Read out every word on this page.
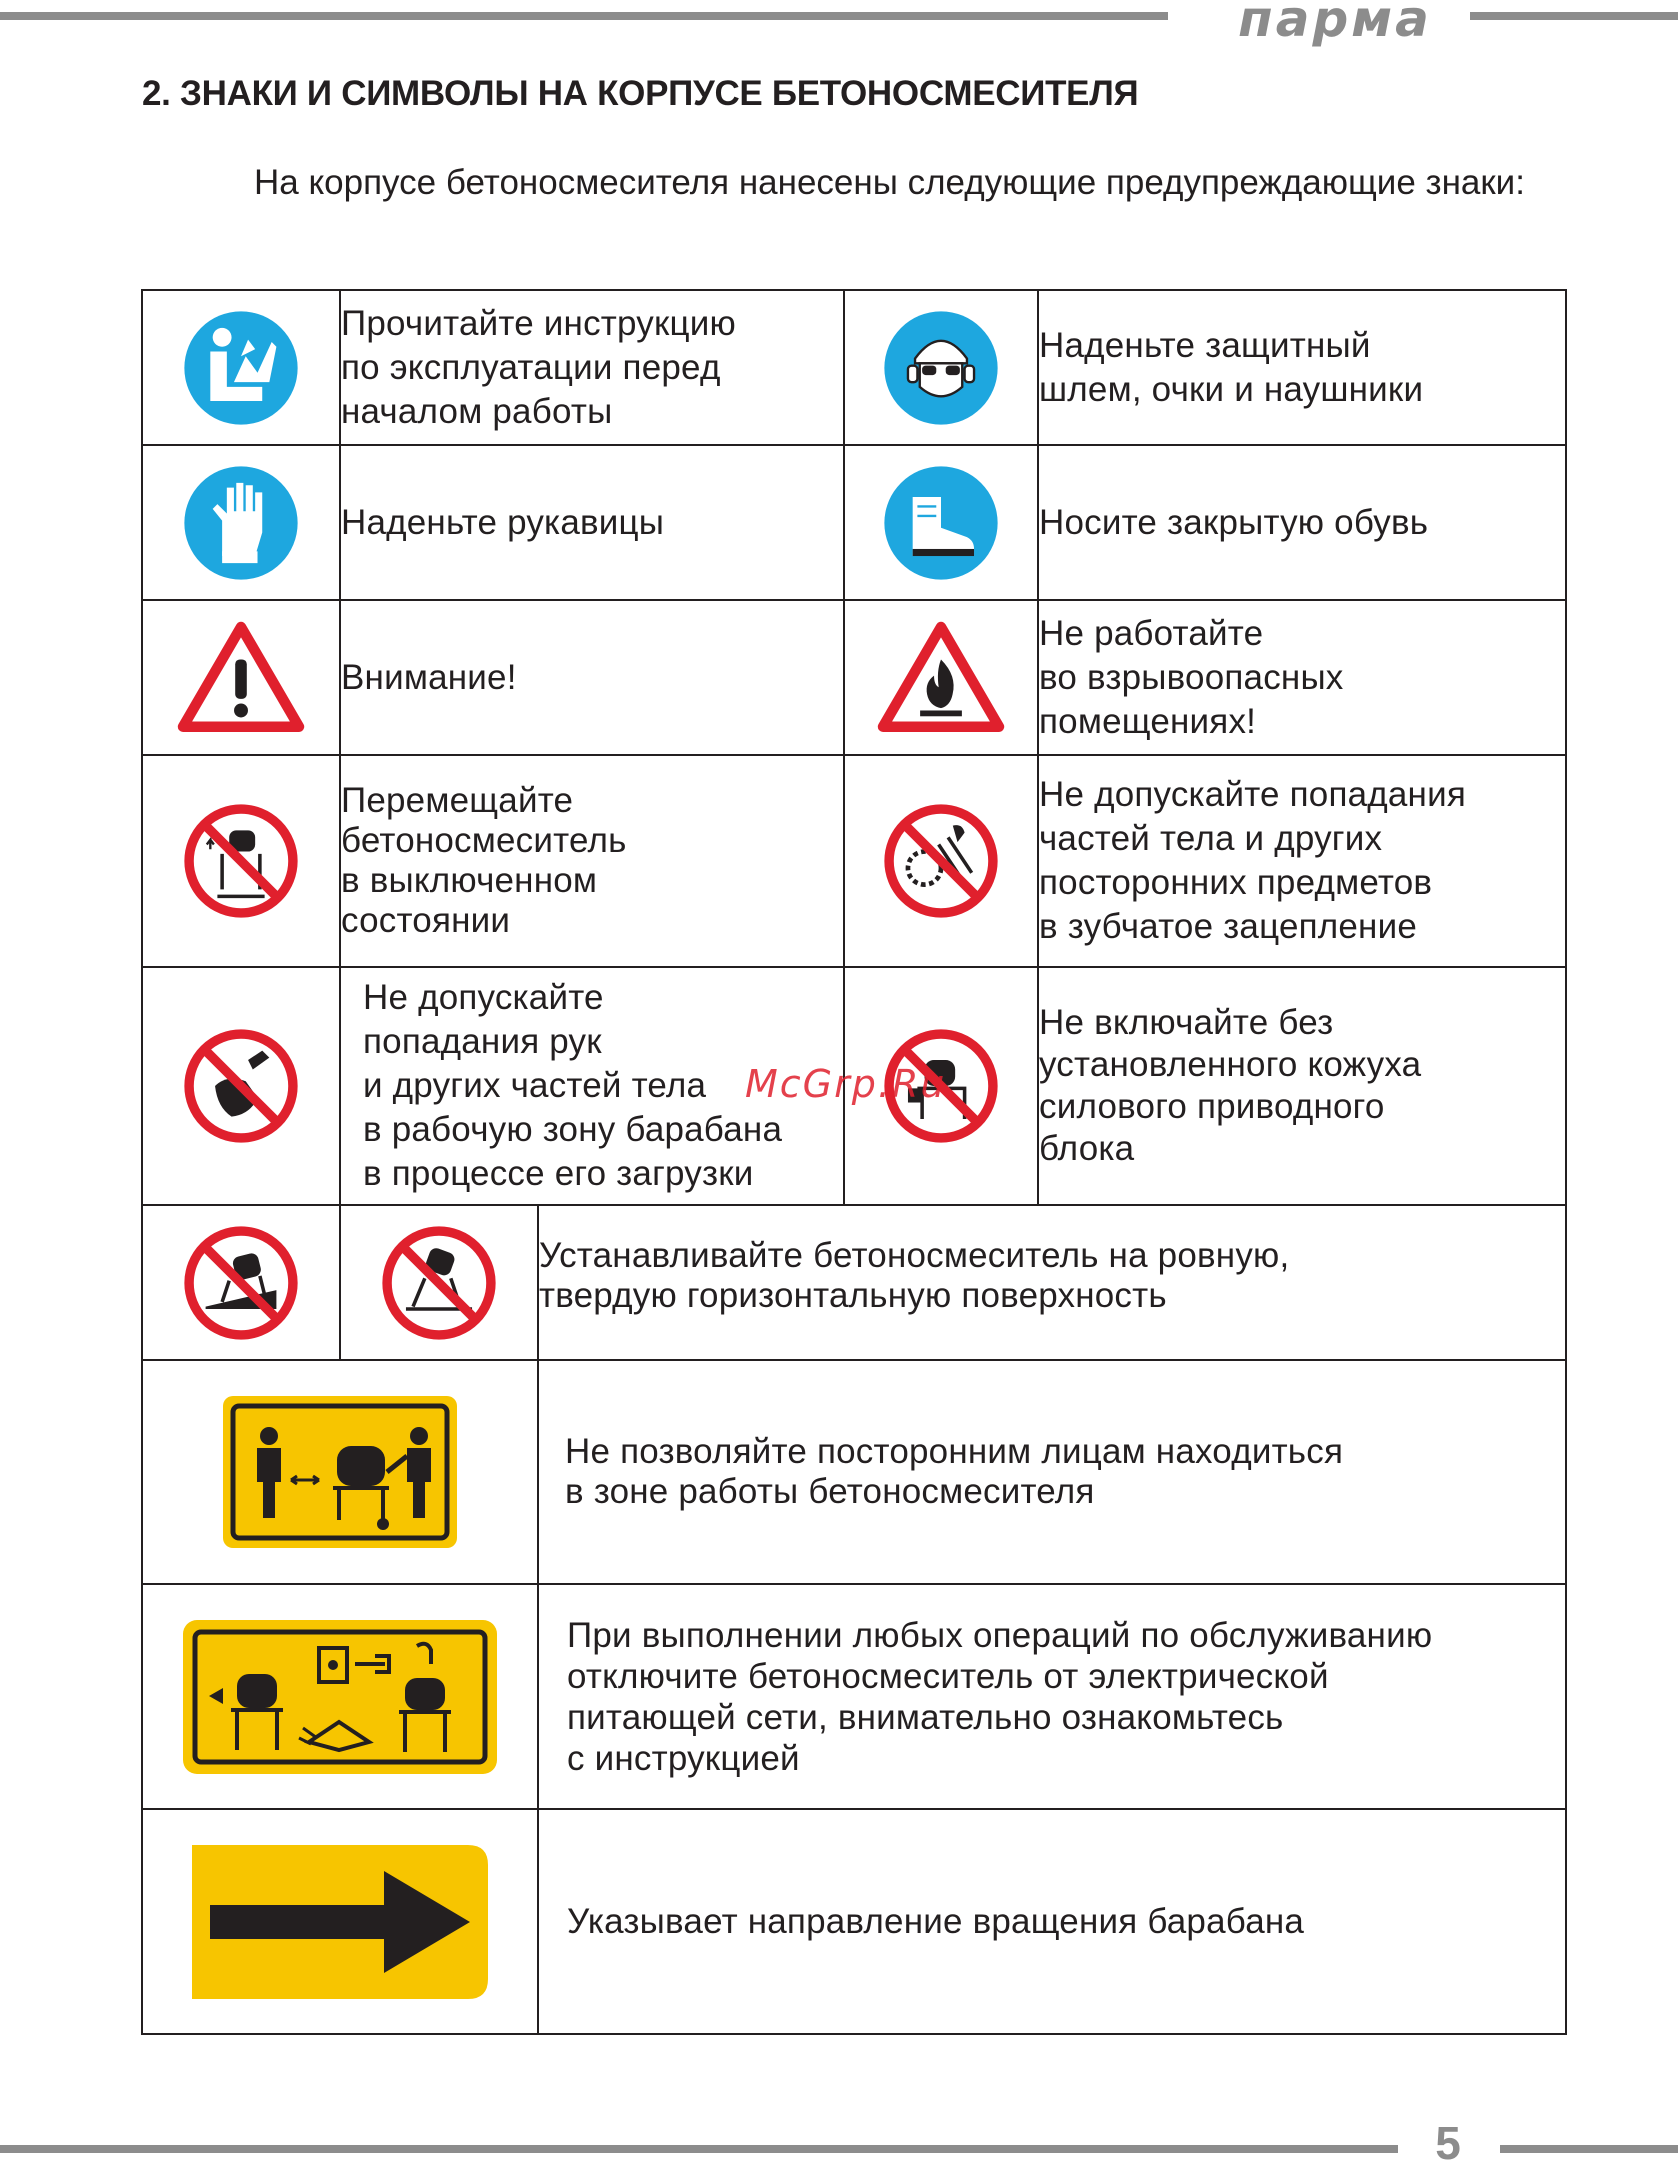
парма
2. ЗНАКИ И СИМВОЛЫ НА КОРПУСЕ БЕТОНОСМЕСИТЕЛЯ
На корпусе бетоносмесителя нанесены следующие предупреждающие знаки:

Прочитайте инструкцию
по эксплуатации перед
началом работы			Наденьте защитный
шлем, очки и наушники

Наденьте рукавицы			Носите закрытую обувь

Внимание!			Не работайте
во взрывоопасных
помещениях!

Перемещайте
бетоносмеситель
в выключенном
состоянии			Не допускайте попадания
частей тела и других
посторонних предметов
в зубчатое зацепление

Не допускайте
попадания рук
и других частей тела
в рабочую зону барабана
в процессе его загрузки			Не включайте без
установленного кожуха
силового приводного
блока

Устанавливайте бетоносмеситель на ровную,
твердую горизонтальную поверхность		

Не позволяйте посторонним лицам находиться
в зоне работы бетоносмесителя		

При выполнении любых операций по обслуживанию
отключите бетоносмеситель от электрической
питающей сети, внимательно ознакомьтесь
с инструкцией		

Указывает направление вращения барабана		
McGrp.Ru
5
